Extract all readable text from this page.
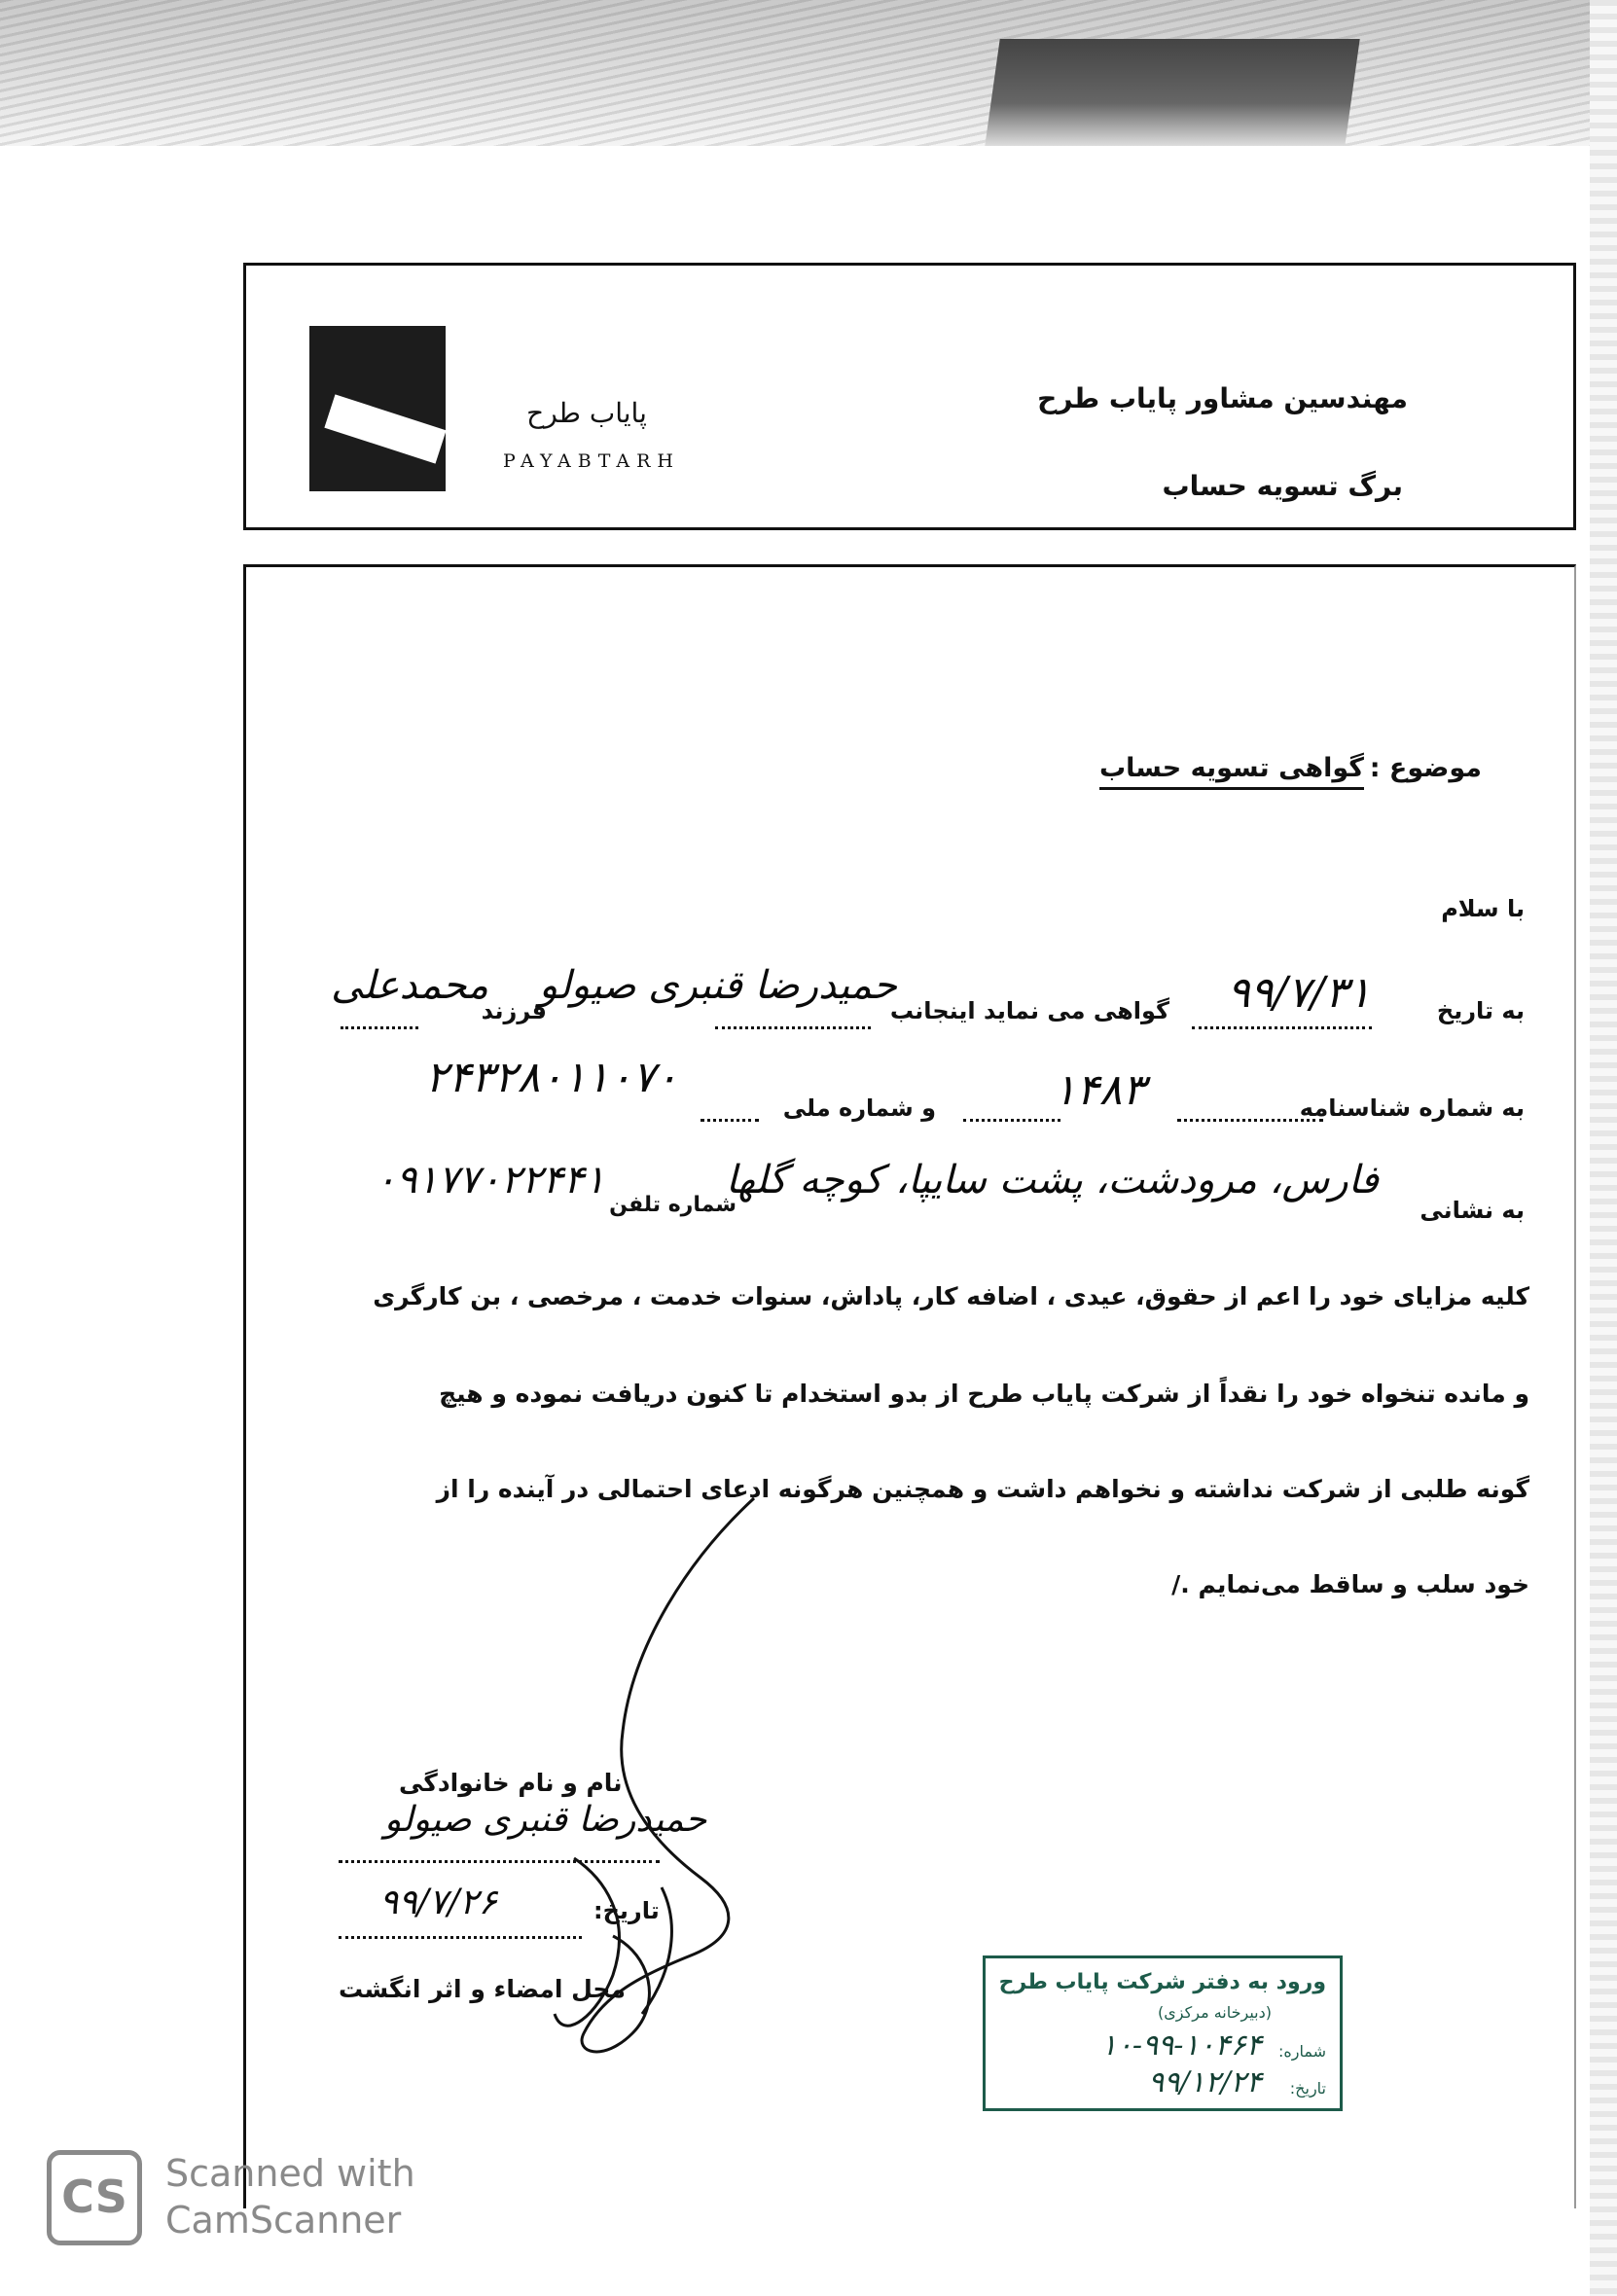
پایاب طرح
PAYABTARH
مهندسین مشاور پایاب طرح
برگ تسویه حساب
موضوع :
گواهی تسویه حساب
با سلام
به تاریخ
۹۹/۷/۳۱
گواهی می نماید اینجانب
حمیدرضا قنبری صیولو
فرزند
محمدعلی
به شماره شناسنامه
۱۴۸۳
و شماره ملی
۲۴۳۲۸۰۱۱۰۷۰
به نشانی
فارس، مرودشت، پشت سایپا، کوچه گلها
شماره تلفن
۰۹۱۷۷۰۲۲۴۴۱
کلیه مزایای خود را اعم از حقوق، عیدی ، اضافه کار، پاداش، سنوات خدمت ، مرخصی ، بن کارگری
و مانده تنخواه خود را نقداً از شرکت پایاب طرح از بدو استخدام تا کنون دریافت نموده و هیچ
گونه طلبی از شرکت نداشته و نخواهم داشت و همچنین هرگونه ادعای احتمالی در آینده را از
خود سلب و ساقط می‌نمایم ./
نام و نام خانوادگی
حمیدرضا قنبری صیولو
تاریخ:
۹۹/۷/۲۶
محل امضاء و اثر انگشت	ورود به دفتر شرکت پایاب طرح
(دبیرخانه مرکزی)
شماره:
۱۰-۹۹-۱۰۴۶۴
تاریخ:
۹۹/۱۲/۲۴
CS	Scanned with
CamScanner
